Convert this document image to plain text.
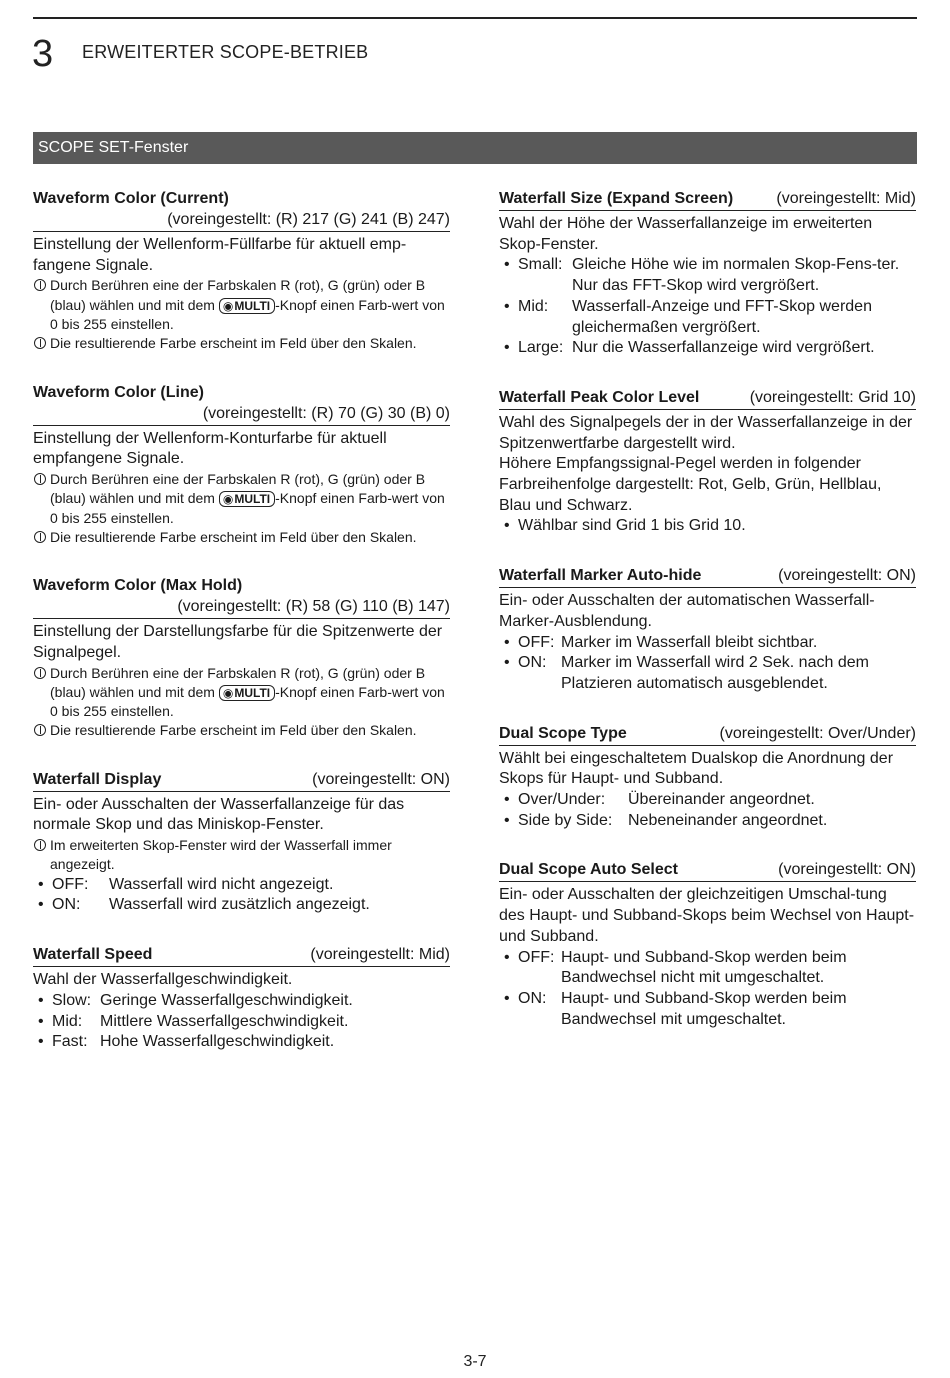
3 ERWEITERTER SCOPE-BETRIEB
SCOPE SET-Fenster
Waveform Color (Current)
(voreingestellt: (R) 217 (G) 241 (B) 247)
Einstellung der Wellenform-Füllfarbe für aktuell emp-fangene Signale.
Durch Berühren eine der Farbskalen R (rot), G (grün) oder B (blau) wählen und mit dem ◉MULTI -Knopf einen Farb-wert von 0 bis 255 einstellen.
Die resultierende Farbe erscheint im Feld über den Skalen.
Waveform Color (Line)
(voreingestellt: (R) 70 (G) 30 (B) 0)
Einstellung der Wellenform-Konturfarbe für aktuell empfangene Signale.
Durch Berühren eine der Farbskalen R (rot), G (grün) oder B (blau) wählen und mit dem ◉MULTI -Knopf einen Farb-wert von 0 bis 255 einstellen.
Die resultierende Farbe erscheint im Feld über den Skalen.
Waveform Color (Max Hold)
(voreingestellt: (R) 58 (G) 110 (B) 147)
Einstellung der Darstellungsfarbe für die Spitzenwerte der Signalpegel.
Durch Berühren eine der Farbskalen R (rot), G (grün) oder B (blau) wählen und mit dem ◉MULTI -Knopf einen Farb-wert von 0 bis 255 einstellen.
Die resultierende Farbe erscheint im Feld über den Skalen.
Waterfall Display	(voreingestellt: ON)
Ein- oder Ausschalten der Wasserfallanzeige für das normale Skop und das Miniskop-Fenster.
Im erweiterten Skop-Fenster wird der Wasserfall immer angezeigt.
• OFF:	Wasserfall wird nicht angezeigt.
• ON:	Wasserfall wird zusätzlich angezeigt.
Waterfall Speed	(voreingestellt: Mid)
Wahl der Wasserfallgeschwindigkeit.
• Slow: Geringe Wasserfallgeschwindigkeit.
• Mid:	Mittlere Wasserfallgeschwindigkeit.
• Fast: Hohe Wasserfallgeschwindigkeit.
Waterfall Size (Expand Screen)	(voreingestellt: Mid)
Wahl der Höhe der Wasserfallanzeige im erweiterten Skop-Fenster.
• Small: Gleiche Höhe wie im normalen Skop-Fens-ter. Nur das FFT-Skop wird vergrößert.
• Mid:	Wasserfall-Anzeige und FFT-Skop werden gleichermaßen vergrößert.
• Large: Nur die Wasserfallanzeige wird vergrößert.
Waterfall Peak Color Level	(voreingestellt: Grid 10)
Wahl des Signalpegels der in der Wasserfallanzeige in der Spitzenwertfarbe dargestellt wird.
Höhere Empfangssignal-Pegel werden in folgender Farbreihenfolge dargestellt: Rot, Gelb, Grün, Hellblau, Blau und Schwarz.
• Wählbar sind Grid 1 bis Grid 10.
Waterfall Marker Auto-hide	(voreingestellt: ON)
Ein- oder Ausschalten der automatischen Wasserfall-Marker-Ausblendung.
• OFF: Marker im Wasserfall bleibt sichtbar.
• ON: Marker im Wasserfall wird 2 Sek. nach dem Platzieren automatisch ausgeblendet.
Dual Scope Type	(voreingestellt: Over/Under)
Wählt bei eingeschaltetem Dualskop die Anordnung der Skops für Haupt- und Subband.
• Over/Under:	Übereinander angeordnet.
• Side by Side: Nebeneinander angeordnet.
Dual Scope Auto Select	(voreingestellt: ON)
Ein- oder Ausschalten der gleichzeitigen Umschal-tung des Haupt- und Subband-Skops beim Wechsel von Haupt- und Subband.
• OFF: Haupt- und Subband-Skop werden beim Bandwechsel nicht mit umgeschaltet.
• ON: Haupt- und Subband-Skop werden beim Bandwechsel mit umgeschaltet.
3-7
